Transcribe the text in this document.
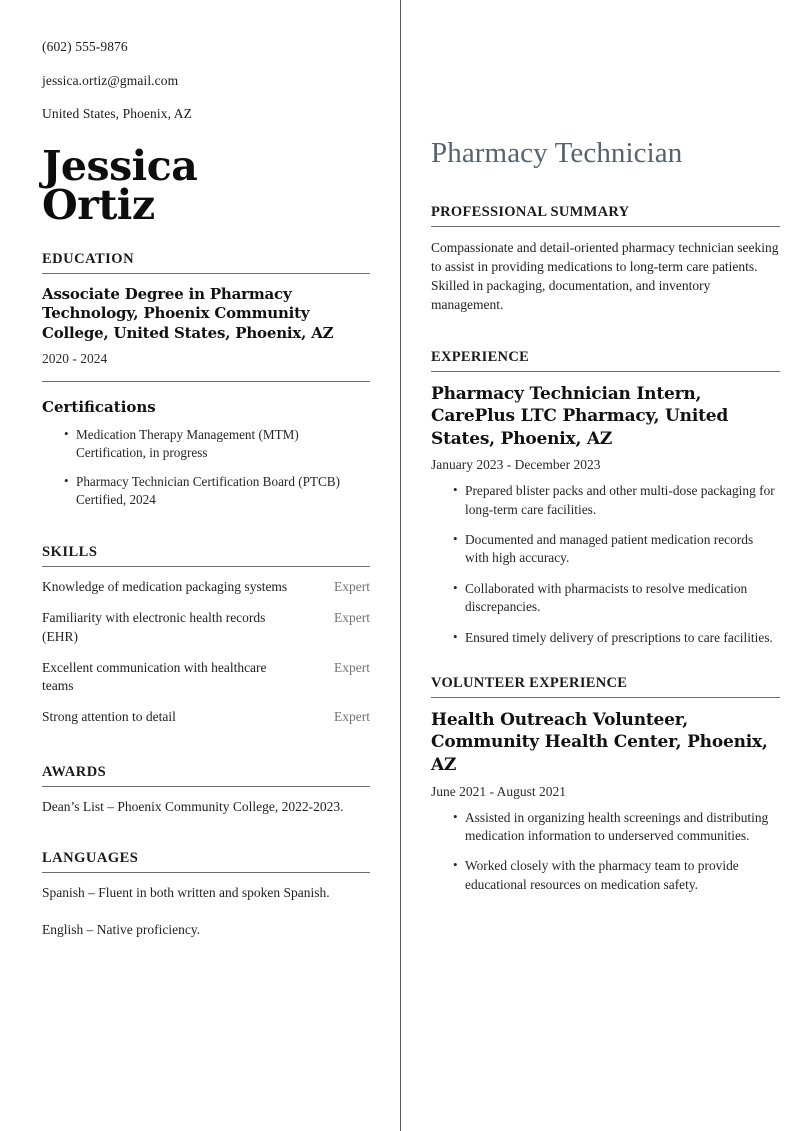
(602) 555-9876
jessica.ortiz@gmail.com
United States, Phoenix, AZ
Jessica
Ortiz
EDUCATION
Associate Degree in Pharmacy Technology, Phoenix Community College, United States, Phoenix, AZ
2020 - 2024
Certifications
• Medication Therapy Management (MTM) Certification, in progress
• Pharmacy Technician Certification Board (PTCB) Certified, 2024
SKILLS
Knowledge of medication packaging systems	Expert
Familiarity with electronic health records (EHR)
Expert
Excellent communication with healthcare teams
Expert
Strong attention to detail	Expert
AWARDS
Dean’s List – Phoenix Community College, 2022-2023.
LANGUAGES
Spanish – Fluent in both written and spoken Spanish.
English – Native proficiency.
Pharmacy Technician
PROFESSIONAL SUMMARY

Compassionate and detail-oriented pharmacy technician seeking to assist in providing medications to long-term care patients. Skilled in packaging, documentation, and inventory management.

EXPERIENCE
Pharmacy Technician Intern, CarePlus LTC Pharmacy, United States, Phoenix, AZ
January 2023 - December 2023
• Prepared blister packs and other multi-dose packaging for long-term care facilities.
• Documented and managed patient medication records with high accuracy.
• Collaborated with pharmacists to resolve medication discrepancies.
• Ensured timely delivery of prescriptions to care facilities.
VOLUNTEER EXPERIENCE
Health Outreach Volunteer, Community Health Center, Phoenix, AZ
June 2021 - August 2021
• Assisted in organizing health screenings and distributing medication information to underserved communities.
• Worked closely with the pharmacy team to provide educational resources on medication safety.
